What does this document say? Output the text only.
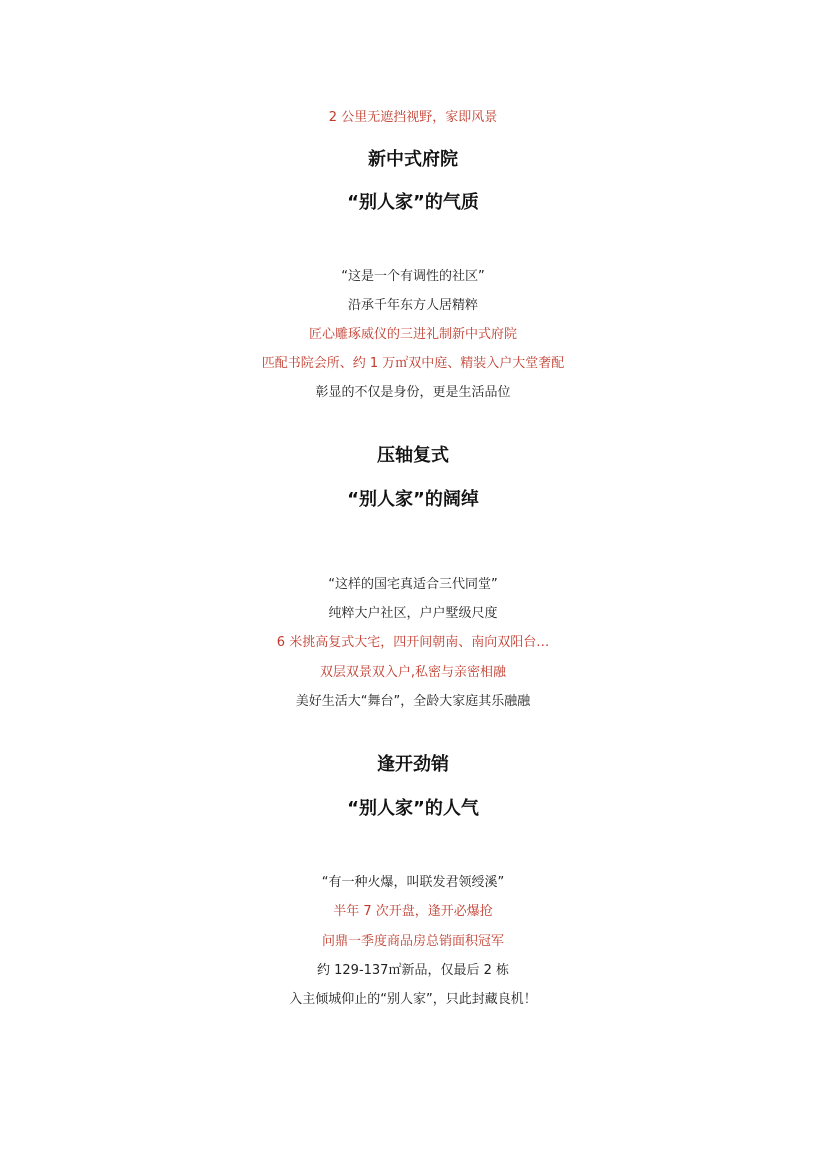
2 公里无遮挡视野，家即风景
新中式府院
“别人家”的气质
“这是一个有调性的社区”
沿承千年东方人居精粹
匠心雕琢威仪的三进礼制新中式府院
匹配书院会所、约 1 万㎡双中庭、精装入户大堂奢配
彰显的不仅是身份，更是生活品位
压轴复式
“别人家”的阔绰
“这样的国宅真适合三代同堂”
纯粹大户社区，户户墅级尺度
6 米挑高复式大宅，四开间朝南、南向双阳台…
双层双景双入户,私密与亲密相融
美好生活大“舞台”，全龄大家庭其乐融融
逢开劲销
“别人家”的人气
“有一种火爆，叫联发君领绶溪”
半年 7 次开盘，逢开必爆抢
问鼎一季度商品房总销面积冠军
约 129-137㎡新品，仅最后 2 栋
入主倾城仰止的“别人家”，只此封藏良机！
